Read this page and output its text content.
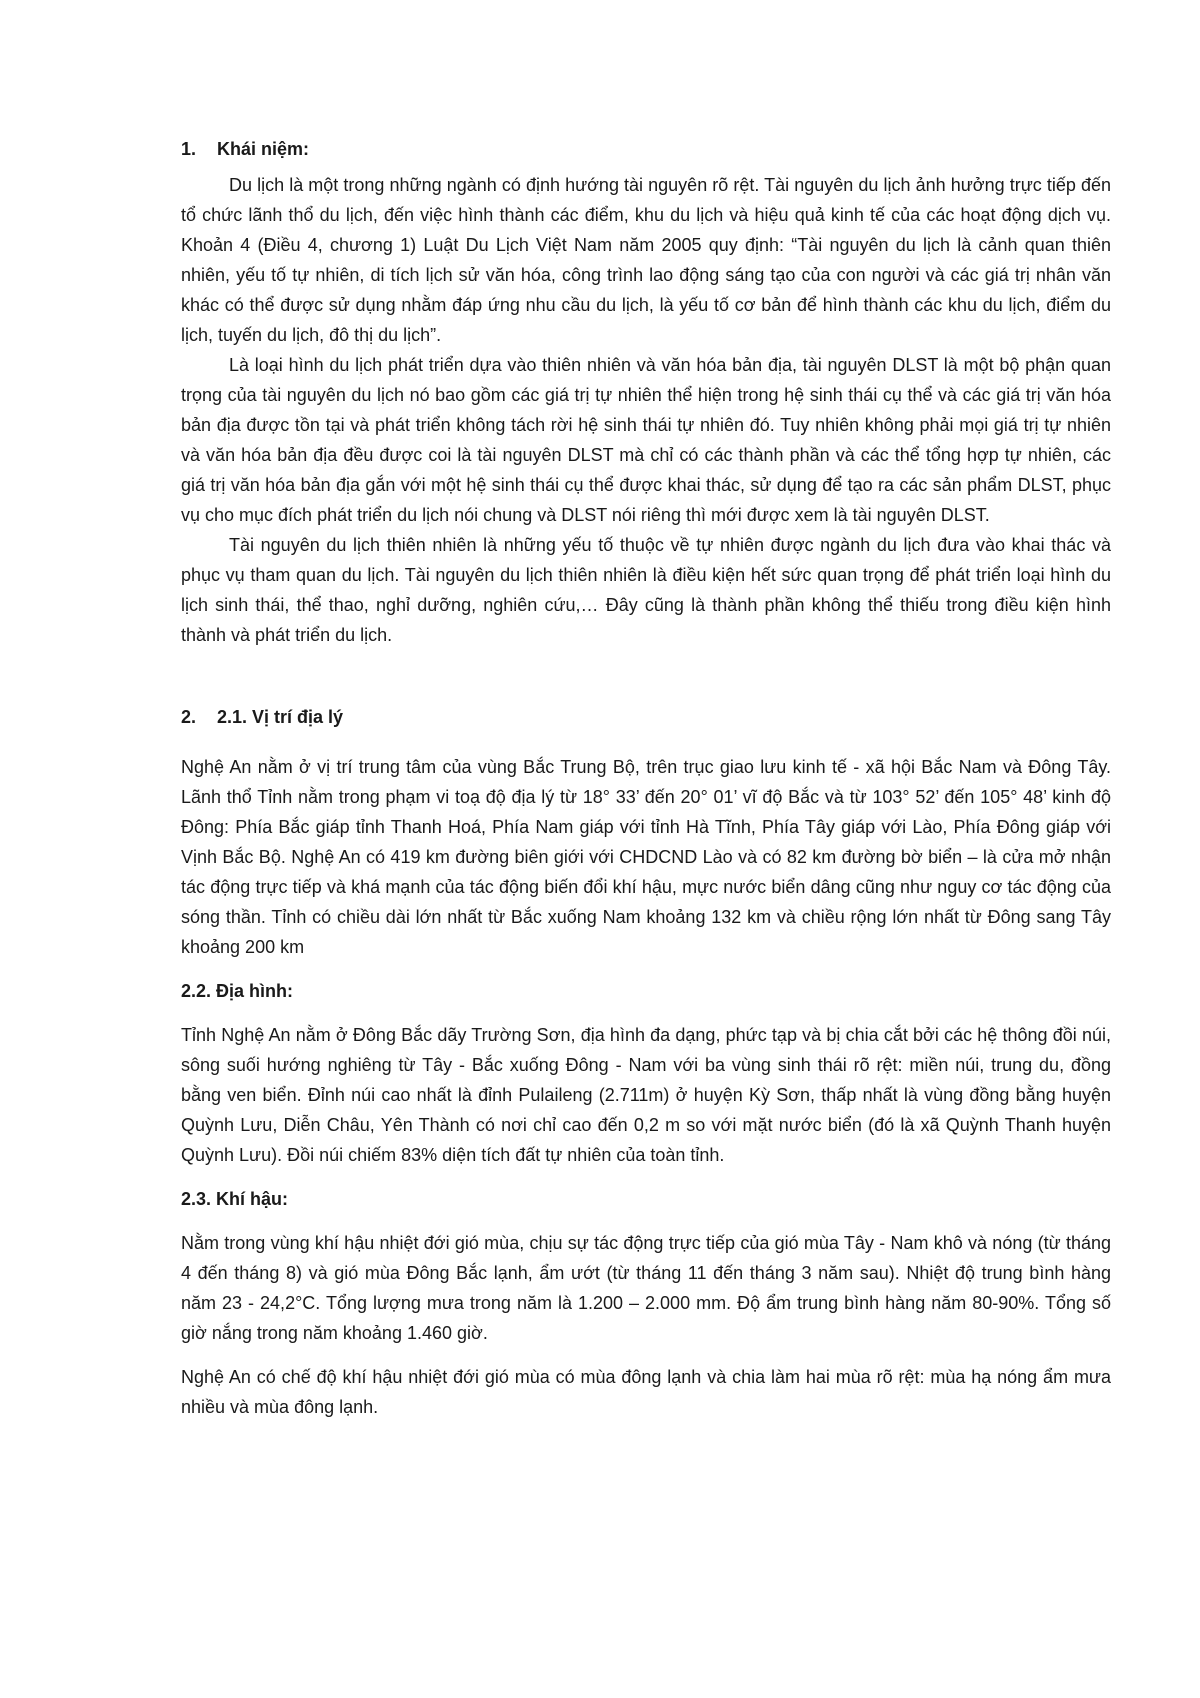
1. Khái niệm:

Du lịch là một trong những ngành có định hướng tài nguyên rõ rệt. Tài nguyên du lịch ảnh hưởng trực tiếp đến tổ chức lãnh thổ du lịch, đến việc hình thành các điểm, khu du lịch và hiệu quả kinh tế của các hoạt động dịch vụ. Khoản 4 (Điều 4, chương 1) Luật Du Lịch Việt Nam năm 2005 quy định: “Tài nguyên du lịch là cảnh quan thiên nhiên, yếu tố tự nhiên, di tích lịch sử văn hóa, công trình lao động sáng tạo của con người và các giá trị nhân văn khác có thể được sử dụng nhằm đáp ứng nhu cầu du lịch, là yếu tố cơ bản để hình thành các khu du lịch, điểm du lịch, tuyến du lịch, đô thị du lịch”.

Là loại hình du lịch phát triển dựa vào thiên nhiên và văn hóa bản địa, tài nguyên DLST là một bộ phận quan trọng của tài nguyên du lịch nó bao gồm các giá trị tự nhiên thể hiện trong hệ sinh thái cụ thể và các giá trị văn hóa bản địa được tồn tại và phát triển không tách rời hệ sinh thái tự nhiên đó. Tuy nhiên không phải mọi giá trị tự nhiên và văn hóa bản địa đều được coi là tài nguyên DLST mà chỉ có các thành phần và các thể tổng hợp tự nhiên, các giá trị văn hóa bản địa gắn với một hệ sinh thái cụ thể được khai thác, sử dụng để tạo ra các sản phẩm DLST, phục vụ cho mục đích phát triển du lịch nói chung và DLST nói riêng thì mới được xem là tài nguyên DLST.

Tài nguyên du lịch thiên nhiên là những yếu tố thuộc về tự nhiên được ngành du lịch đưa vào khai thác và phục vụ tham quan du lịch. Tài nguyên du lịch thiên nhiên là điều kiện hết sức quan trọng để phát triển loại hình du lịch sinh thái, thể thao, nghỉ dưỡng, nghiên cứu,… Đây cũng là thành phần không thể thiếu trong điều kiện hình thành và phát triển du lịch.

2. 2.1. Vị trí địa lý

Nghệ An nằm ở vị trí trung tâm của vùng Bắc Trung Bộ, trên trục giao lưu kinh tế - xã hội Bắc Nam và Đông Tây. Lãnh thổ Tỉnh nằm trong phạm vi toạ độ địa lý từ 18° 33’ đến 20° 01’ vĩ độ Bắc và từ 103° 52’ đến 105° 48’ kinh độ Đông: Phía Bắc giáp tỉnh Thanh Hoá, Phía Nam giáp với tỉnh Hà Tĩnh, Phía Tây giáp với Lào, Phía Đông giáp với Vịnh Bắc Bộ. Nghệ An có 419 km đường biên giới với CHDCND Lào và có 82 km đường bờ biển – là cửa mở nhận tác động trực tiếp và khá mạnh của tác động biến đổi khí hậu, mực nước biển dâng cũng như nguy cơ tác động của sóng thần. Tỉnh có chiều dài lớn nhất từ Bắc xuống Nam khoảng 132 km và chiều rộng lớn nhất từ Đông sang Tây khoảng 200 km

2.2. Địa hình:

Tỉnh Nghệ An nằm ở Đông Bắc dãy Trường Sơn, địa hình đa dạng, phức tạp và bị chia cắt bởi các hệ thông đồi núi, sông suối hướng nghiêng từ Tây - Bắc xuống Đông - Nam với ba vùng sinh thái rõ rệt: miền núi, trung du, đồng bằng ven biển. Đỉnh núi cao nhất là đỉnh Pulaileng (2.711m) ở huyện Kỳ Sơn, thấp nhất là vùng đồng bằng huyện Quỳnh Lưu, Diễn Châu, Yên Thành có nơi chỉ cao đến 0,2 m so với mặt nước biển (đó là xã Quỳnh Thanh huyện Quỳnh Lưu). Đồi núi chiếm 83% diện tích đất tự nhiên của toàn tỉnh.

2.3. Khí hậu:

Nằm trong vùng khí hậu nhiệt đới gió mùa, chịu sự tác động trực tiếp của gió mùa Tây - Nam khô và nóng (từ tháng 4 đến tháng 8) và gió mùa Đông Bắc lạnh, ẩm ướt (từ tháng 11 đến tháng 3 năm sau). Nhiệt độ trung bình hàng năm 23 - 24,2°C. Tổng lượng mưa trong năm là 1.200 – 2.000 mm. Độ ẩm trung bình hàng năm 80-90%. Tổng số giờ nắng trong năm khoảng 1.460 giờ.

Nghệ An có chế độ khí hậu nhiệt đới gió mùa có mùa đông lạnh và chia làm hai mùa rõ rệt: mùa hạ nóng ẩm mưa nhiều và mùa đông lạnh.
